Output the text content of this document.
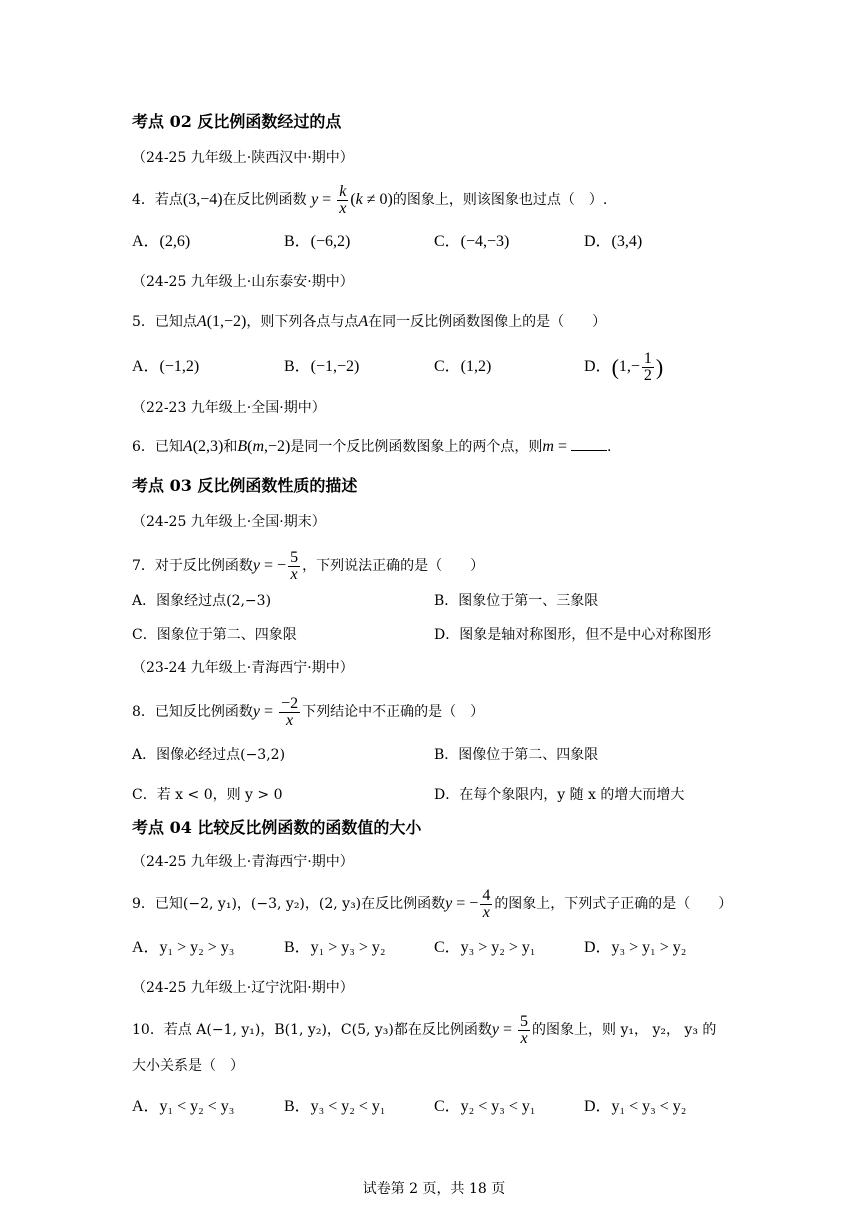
考点 02 反比例函数经过的点
（24-25 九年级上·陕西汉中·期中）
4．若点(3,−4)在反比例函数 $y = \frac{k}{x} (k \ne 0)$的图象上，则该图象也过点（　）.
A．(2,6)	B．(−6,2)	C．(−4,−3)	D．(3,4)
（24-25 九年级上·山东泰安·期中）
5．已知点A(1,−2)，则下列各点与点A在同一反比例函数图像上的是（　　）
A．(−1,2)	B．(−1,−2)	C．(1,2)	D．($1,- \frac{1}{2}$ )
（22-23 九年级上·全国·期中）
6．已知A(2,3)和B(m,−2)是同一个反比例函数图象上的两个点，则m =	.
考点 03 反比例函数性质的描述
（24-25 九年级上·全国·期末）
7．对于反比例函数y = − $\frac{5}{x}$ ，下列说法正确的是（　　）
A．图象经过点(2,−3)	B．图象位于第一、三象限
C．图象位于第二、四象限	D．图象是轴对称图形，但不是中心对称图形
（23-24 九年级上·青海西宁·期中）
8．已知反比例函数$y = \frac{-2}{x}$ 下列结论中不正确的是（　）
A．图像必经过点(−3,2)	B．图像位于第二、四象限
C．若 x < 0，则 y > 0	D．在每个象限内，y 随 x 的增大而增大
考点 04 比较反比例函数的函数值的大小
（24-25 九年级上·青海西宁·期中）
9．已知(−2, y₁)，(−3, y₂)，(2, y₃)在反比例函数y = − $\frac{4}{x}$ 的图象上，下列式子正确的是（　　）
A．y₁ > y₂ > y₃	B．y₁ > y₃ > y₂	C．y₃ > y₂ > y₁	D．y₃ > y₁ > y₂
（24-25 九年级上·辽宁沈阳·期中）
10．若点 A(−1, y₁)，B(1, y₂)，C(5, y₃)都在反比例函数$y = \frac{5}{x}$ 的图象上，则 y₁， y₂， y₃ 的
大小关系是（　）
A．y₁ < y₂ < y₃	B．y₃ < y₂ < y₁	C．y₂ < y₃ < y₁	D．y₁ < y₃ < y₂
试卷第 2 页，共 18 页
